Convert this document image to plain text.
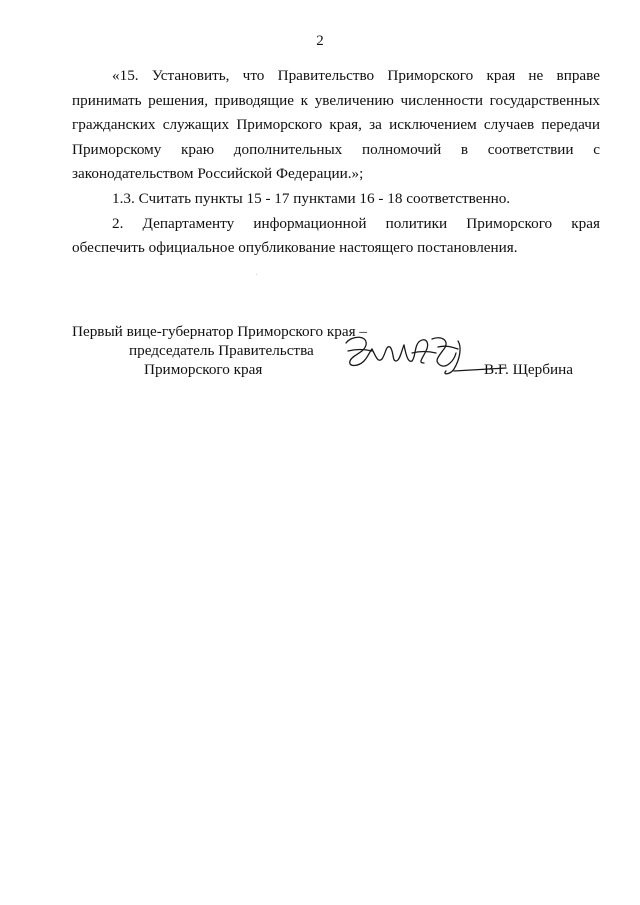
2
«15. Установить, что Правительство Приморского края не вправе
принимать решения, приводящие к увеличению численности государственных
гражданских служащих Приморского края, за исключением случаев передачи
Приморскому краю дополнительных полномочий в соответствии с
законодательством Российской Федерации.»;
1.3. Считать пункты 15 - 17 пунктами 16 - 18 соответственно.
2. Департаменту информационной политики Приморского края
обеспечить официальное опубликование настоящего постановления.
Первый вице-губернатор Приморского края –
председатель Правительства
Приморского края	В.Г. Щербина
